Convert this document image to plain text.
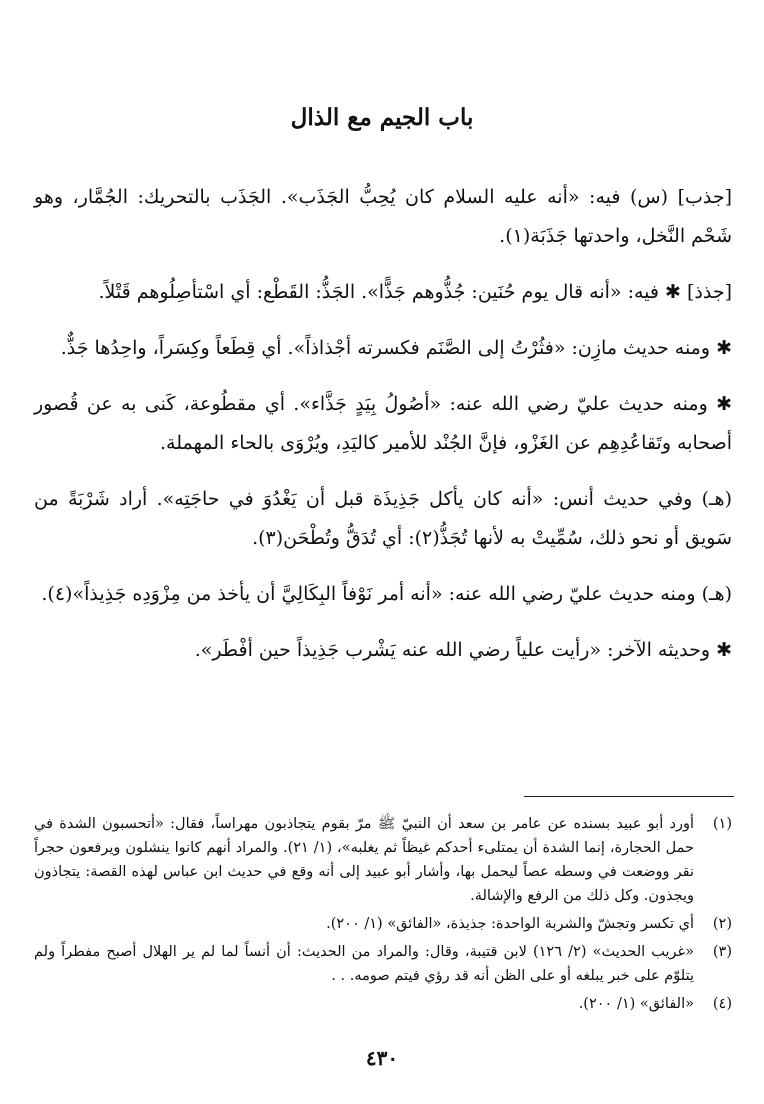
باب الجيم مع الذال

[جذب] (س) فيه: «أنه عليه السلام كان يُحِبُّ الجَذَب». الجَذَب بالتحريك: الجُمَّار، وهو شَحْم النَّخل، واحدتها جَذَبَة(١).

[جذذ] ✱ فيه: «أنه قال يوم حُنَين: جُذُّوهم جَذًّا». الجَذُّ: القَطْع: أي اسْتأصِلُوهم قَتْلاً.

✱ ومنه حديث مازِن: «فثُرْتُ إلى الصَّنَم فكسرته أجْذاذاً». أي قِطَعاً وكِسَراً، واحِدُها جَذٌّ.

✱ ومنه حديث عليّ رضي الله عنه: «أصُولُ بِيَدٍ جَذَّاء». أي مقطُوعة، كَنى به عن قُصور أصحابه وتَقاعُدِهِم عن الغَزْو، فإنَّ الجُنْد للأمير كاليَدِ، ويُرْوَى بالحاء المهملة.

(هـ) وفي حديث أنس: «أنه كان يأكل جَذِيذَة قبل أن يَغْدُوَ في حاجَتِه». أراد شَرْبَةً من سَويق أو نحو ذلك، سُمِّيتْ به لأنها تُجَذُّ(٢): أي تُدَقُّ وتُطْحَن(٣).

(هـ) ومنه حديث عليّ رضي الله عنه: «أنه أمر نَوْفاً البِكَالِيَّ أن يأخذ من مِزْوَدِه جَذِيذاً»(٤).

✱ وحديثه الآخر: «رأيت علياً رضي الله عنه يَشْرب جَذِيذاً حين أفْطَر».

(١)
أورد أبو عبيد بسنده عن عامر بن سعد أن النبيّ ﷺ مرّ بقوم يتجاذبون مهراساً، فقال: «أتحسبون الشدة في حمل الحجارة، إنما الشدة أن يمتلىء أحدكم غيظاً ثم يغلبه»، (١/ ٢١). والمراد أنهم كانوا ينشلون ويرفعون حجراً نقر ووضعت في وسطه عصاً ليحمل بها، وأشار أبو عبيد إلى أنه وقع في حديث ابن عباس لهذه القصة: يتجاذون ويجذون. وكل ذلك من الرفع والإشالة.
(٢)
أي تكسر وتجشّ والشربة الواحدة: جذيذة، «الفائق» (١/ ٢٠٠).
(٣)
«غريب الحديث» (٢/ ١٢٦) لابن قتيبة، وقال: والمراد من الحديث: أن أنساً لما لم ير الهلال أصبح مفطراً ولم يتلوّم على خبر يبلغه أو على الظن أنه قد رؤي فيتم صومه. . .
(٤)
«الفائق» (١/ ٢٠٠).
٤٣٠
